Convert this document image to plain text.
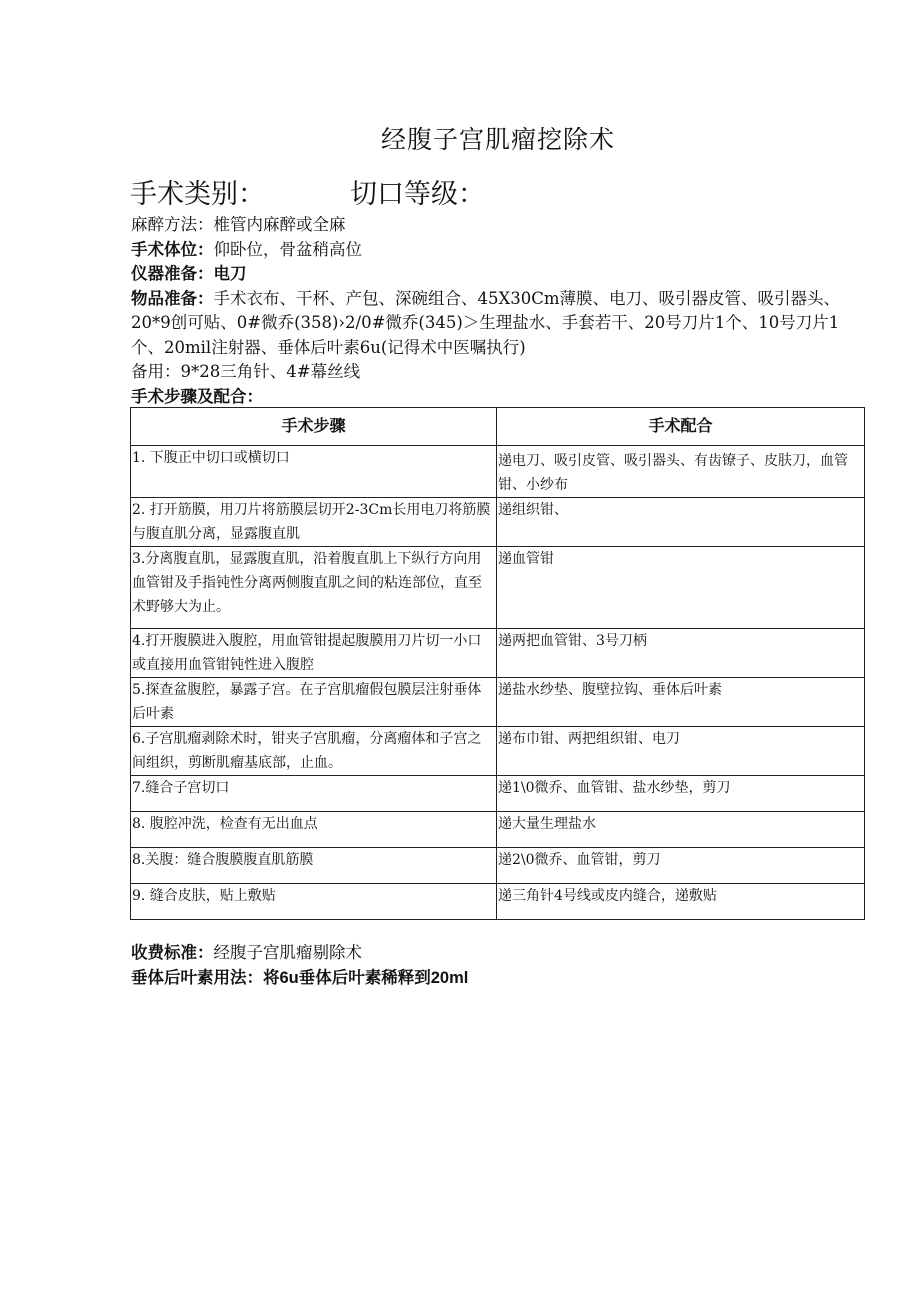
经腹子宫肌瘤挖除术
手术类别：	切口等级：

麻醉方法：椎管内麻醉或全麻

手术体位：仰卧位，骨盆稍高位

仪器准备：电刀

物品准备：手术衣布、干杯、产包、深碗组合、45X30Cm薄膜、电刀、吸引器皮管、吸引器头、20*9创可贴、0#微乔(358)›2/0#微乔(345)＞生理盐水、手套若干、20号刀片1个、10号刀片1个、20mil注射器、垂体后叶素6u(记得术中医嘱执行)

备用：9*28三角针、4#幕丝线

手术步骤及配合：

手术步骤	手术配合
1. 下腹正中切口或横切口	递电刀、吸引皮管、吸引器头、有齿镣子、皮肤刀，血管钳、小纱布
2. 打开筋膜，用刀片将筋膜层切开2-3Cm长用电刀将筋膜与腹直肌分离，显露腹直肌	递组织钳、
3.分离腹直肌，显露腹直肌，沿着腹直肌上下纵行方向用血管钳及手指钝性分离两侧腹直肌之间的粘连部位，直至术野够大为止。	递血管钳
4.打开腹膜进入腹腔，用血管钳提起腹膜用刀片切一小口或直接用血管钳钝性进入腹腔	递两把血管钳、3号刀柄
5.探查盆腹腔，暴露子宫。在子宫肌瘤假包膜层注射垂体后叶素	递盐水纱垫、腹壁拉钩、垂体后叶素
6.子宫肌瘤剥除术时，钳夹子宫肌瘤，分离瘤体和子宫之间组织，剪断肌瘤基底部，止血。	递布巾钳、两把组织钳、电刀
7.缝合子宫切口	递1\0微乔、血管钳、盐水纱垫，剪刀
8. 腹腔冲洗，检查有无出血点	递大量生理盐水
8.关腹：缝合腹膜腹直肌筋膜	递2\0微乔、血管钳，剪刀
9. 缝合皮肤，贴上敷贴	递三角针4号线或皮内缝合，递敷贴

收费标准：经腹子宫肌瘤剔除术

垂体后叶素用法：将6u垂体后叶素稀释到20ml
